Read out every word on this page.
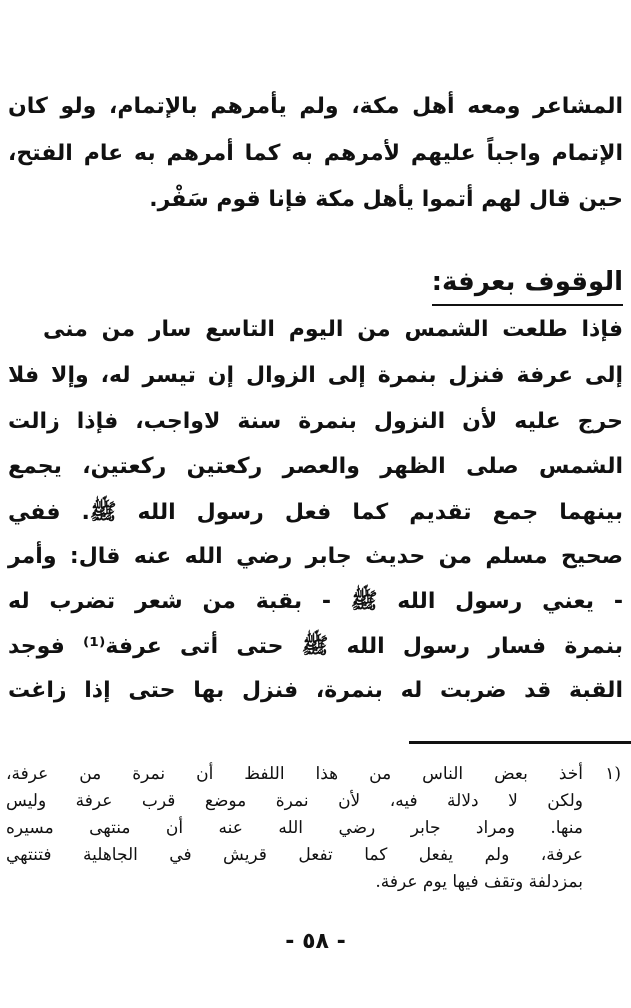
المشاعر ومعه أهل مكة، ولم يأمرهم بالإتمام، ولو كان
الإتمام واجباً عليهم لأمرهم به كما أمرهم به عام الفتح،
حين قال لهم أتموا يأهل مكة فإنا قوم سَفْر.
الوقوف بعرفة:
فإذا طلعت الشمس من اليوم التاسع سار من منى
إلى عرفة فنزل بنمرة إلى الزوال إن تيسر له، وإلا فلا
حرج عليه لأن النزول بنمرة سنة لاواجب، فإذا زالت
الشمس صلى الظهر والعصر ركعتين ركعتين، يجمع
بينهما جمع تقديم كما فعل رسول الله ﷺ. ففي
صحيح مسلم من حديث جابر رضي الله عنه قال: وأمر
- يعني رسول الله ﷺ - بقبة من شعر تضرب له
بنمرة فسار رسول الله ﷺ حتى أتى عرفة⁽¹⁾ فوجد
القبة قد ضربت له بنمرة، فنزل بها حتى إذا زاغت
(١
أخذ بعض الناس من هذا اللفظ أن نمرة من عرفة،
ولكن لا دلالة فيه، لأن نمرة موضع قرب عرفة وليس
منها. ومراد جابر رضي الله عنه أن منتهى مسيره
عرفة، ولم يفعل كما تفعل قريش في الجاهلية فتنتهي
بمزدلفة وتقف فيها يوم عرفة.
- ٥٨ -
